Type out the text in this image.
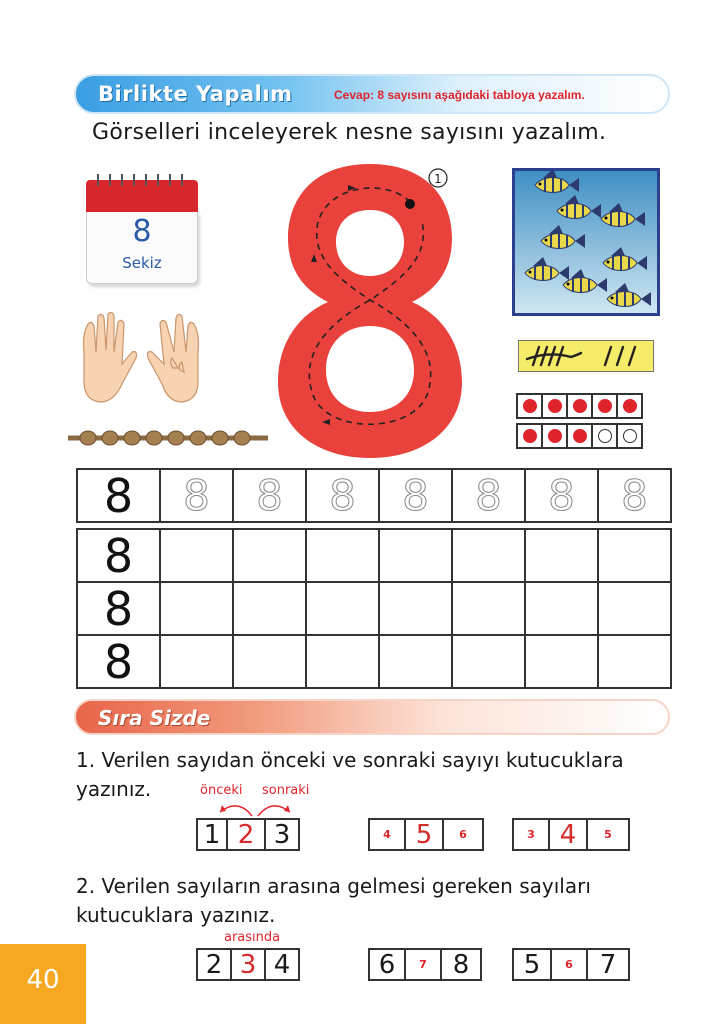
Birlikte Yapalım	Cevap: 8 sayısını aşağıdaki tabloya yazalım.
Görselleri inceleyerek nesne sayısını yazalım.
8
Sekiz
1
8	8	8	8	8	8	8	8
8							
8							
8							
Sıra Sizde
1. Verilen sayıdan önceki ve sonraki sayıyı kutucuklara yazınız.	önceki sonraki
1 2 3	4 5	6	3 4	5
2. Verilen sayıların arasına gelmesi gereken sayıları kutucuklara yazınız.
arasında
2 3 4	6	7 8	5	6	7
40
